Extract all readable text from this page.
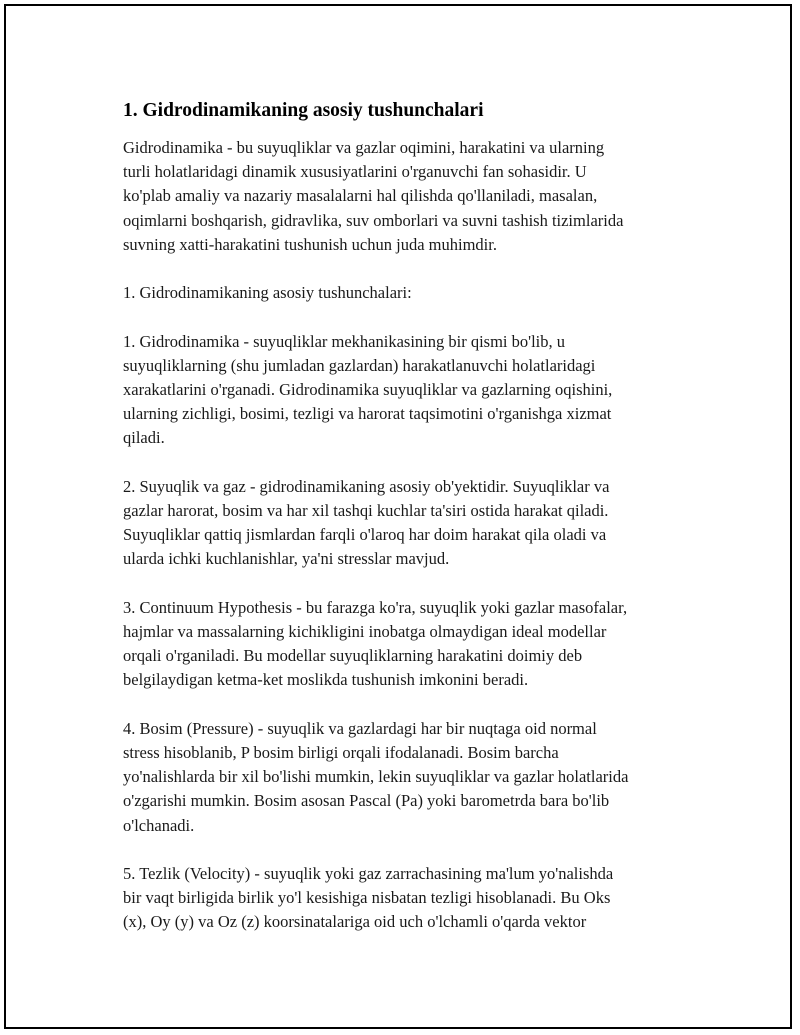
1. Gidrodinamikaning asosiy tushunchalari

Gidrodinamika - bu suyuqliklar va gazlar oqimini, harakatini va ularning
turli holatlaridagi dinamik xususiyatlarini o'rganuvchi fan sohasidir. U
ko'plab amaliy va nazariy masalalarni hal qilishda qo'llaniladi, masalan,
oqimlarni boshqarish, gidravlika, suv omborlari va suvni tashish tizimlarida
suvning xatti-harakatini tushunish uchun juda muhimdir.

1. Gidrodinamikaning asosiy tushunchalari:

1. Gidrodinamika - suyuqliklar mekhanikasining bir qismi bo'lib, u
suyuqliklarning (shu jumladan gazlardan) harakatlanuvchi holatlaridagi
xarakatlarini o'rganadi. Gidrodinamika suyuqliklar va gazlarning oqishini,
ularning zichligi, bosimi, tezligi va harorat taqsimotini o'rganishga xizmat
qiladi.

2. Suyuqlik va gaz - gidrodinamikaning asosiy ob'yektidir. Suyuqliklar va
gazlar harorat, bosim va har xil tashqi kuchlar ta'siri ostida harakat qiladi.
Suyuqliklar qattiq jismlardan farqli o'laroq har doim harakat qila oladi va
ularda ichki kuchlanishlar, ya'ni stresslar mavjud.

3. Continuum Hypothesis - bu farazga ko'ra, suyuqlik yoki gazlar masofalar,
hajmlar va massalarning kichikligini inobatga olmaydigan ideal modellar
orqali o'rganiladi. Bu modellar suyuqliklarning harakatini doimiy deb
belgilaydigan ketma-ket moslikda tushunish imkonini beradi.

4. Bosim (Pressure) - suyuqlik va gazlardagi har bir nuqtaga oid normal
stress hisoblanib, P bosim birligi orqali ifodalanadi. Bosim barcha
yo'nalishlarda bir xil bo'lishi mumkin, lekin suyuqliklar va gazlar holatlarida
o'zgarishi mumkin. Bosim asosan Pascal (Pa) yoki barometrda bara bo'lib
o'lchanadi.

5. Tezlik (Velocity) - suyuqlik yoki gaz zarrachasining ma'lum yo'nalishda
bir vaqt birligida birlik yo'l kesishiga nisbatan tezligi hisoblanadi. Bu Oks
(x), Oy (y) va Oz (z) koorsinatalariga oid uch o'lchamli o'qarda vektor
